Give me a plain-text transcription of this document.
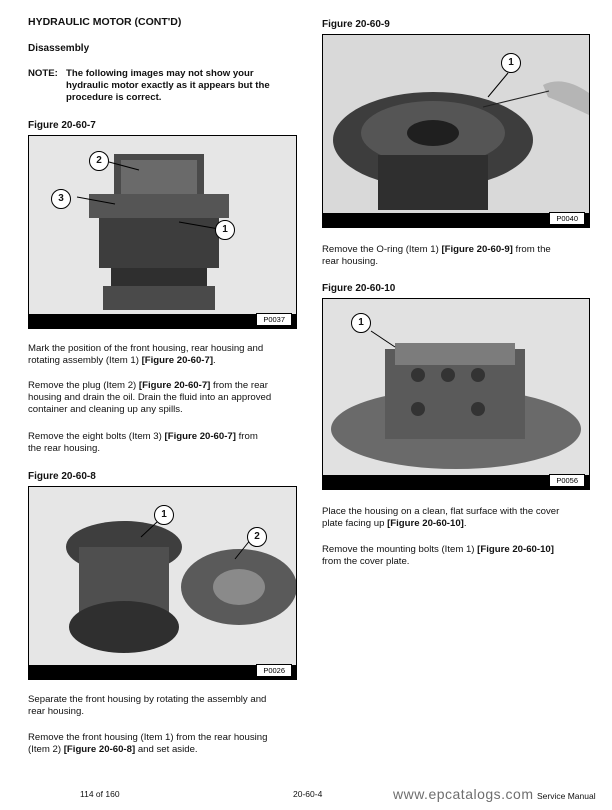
HYDRAULIC MOTOR (CONT'D)
Disassembly
NOTE: The following images may not show your
hydraulic motor exactly as it appears but the
procedure is correct.
Figure 20-60-7
2
3
1
P0037
Mark the position of the front housing, rear housing and
rotating assembly (Item 1) [Figure 20-60-7].
Remove the plug (Item 2) [Figure 20-60-7] from the rear
housing and drain the oil. Drain the fluid into an approved
container and cleaning up any spills.
Remove the eight bolts (Item 3) [Figure 20-60-7] from
the rear housing.
Figure 20-60-8
1
2
P0026
Separate the front housing by rotating the assembly and
rear housing.
Remove the front housing (Item 1) from the rear housing
(Item 2) [Figure 20-60-8] and set aside.
Figure 20-60-9
1
P0040
Remove the O-ring (Item 1) [Figure 20-60-9] from the
rear housing.
Figure 20-60-10
1
P0056
Place the housing on a clean, flat surface with the cover
plate facing up [Figure 20-60-10].
Remove the mounting bolts (Item 1) [Figure 20-60-10]
from the cover plate.
114 of 160	20-60-4	Service Manual
www.epcatalogs.com
